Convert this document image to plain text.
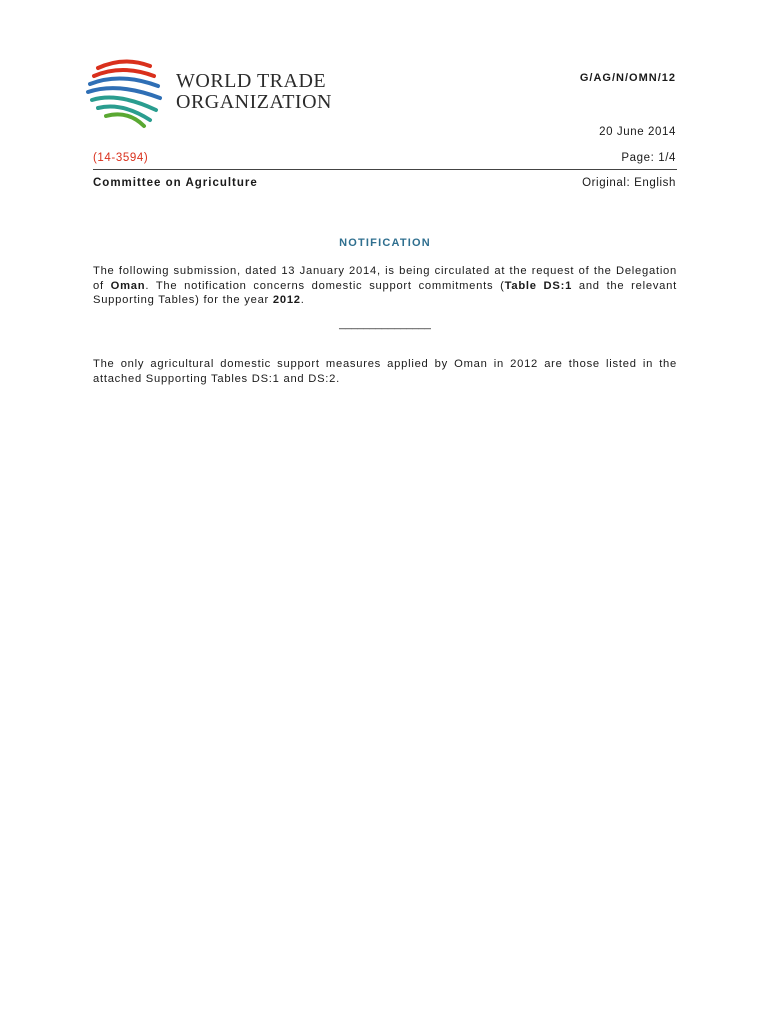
WORLD TRADE
ORGANIZATION
G/AG/N/OMN/12
20 June 2014
(14-3594)	Page: 1/4
Committee on Agriculture	Original: English
NOTIFICATION
The following submission, dated 13 January 2014, is being circulated at the request of the Delegation of Oman. The notification concerns domestic support commitments (Table DS:1 and the relevant Supporting Tables) for the year 2012.
_______________
The only agricultural domestic support measures applied by Oman in 2012 are those listed in the attached Supporting Tables DS:1 and DS:2.
